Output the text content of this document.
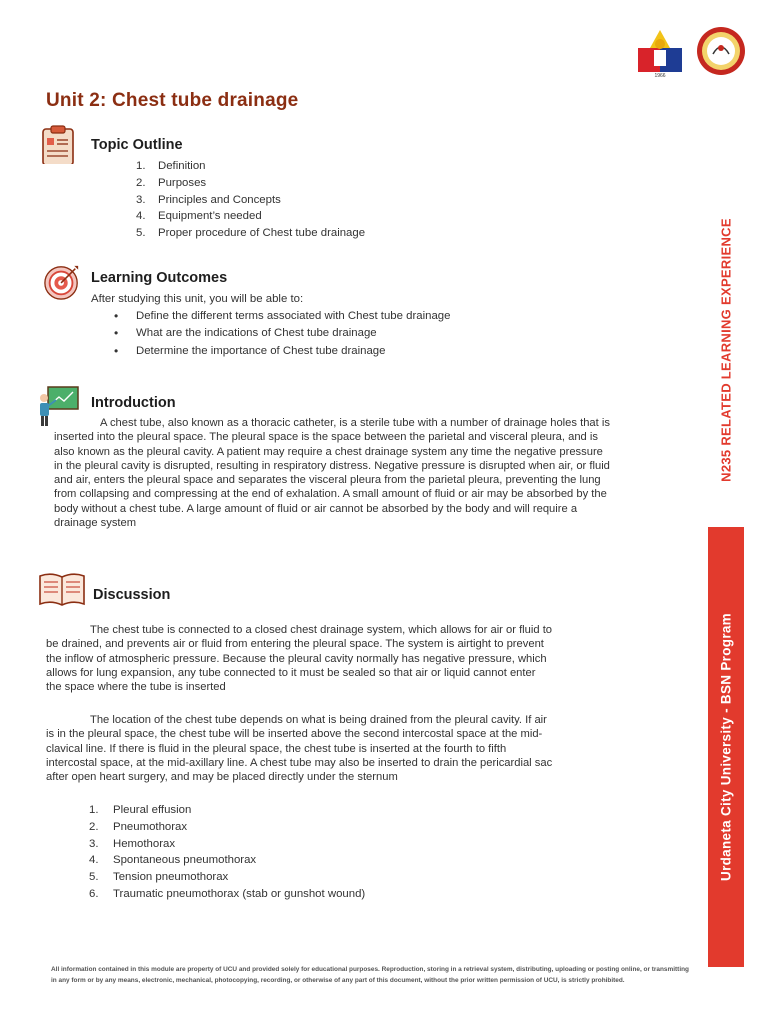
1966
Unit 2: Chest tube drainage
Topic Outline
1.	Definition
2.	Purposes
3.	Principles and Concepts
4.	Equipment’s needed
5.	Proper procedure of Chest tube drainage
Learning Outcomes
After studying this unit, you will be able to:
•	Define the different terms associated with Chest tube drainage
•	What are the indications of Chest tube drainage
•	Determine the importance of Chest tube drainage
Introduction
A chest tube, also known as a thoracic catheter, is a sterile tube with a number of drainage holes that is
inserted into the pleural space. The pleural space is the space between the parietal and visceral pleura, and is
also known as the pleural cavity. A patient may require a chest drainage system any time the negative pressure
in the pleural cavity is disrupted, resulting in respiratory distress. Negative pressure is disrupted when air, or fluid
and air, enters the pleural space and separates the visceral pleura from the parietal pleura, preventing the lung
from collapsing and compressing at the end of exhalation. A small amount of fluid or air may be absorbed by the
body without a chest tube. A large amount of fluid or air cannot be absorbed by the body and will require a
drainage system
Discussion
The chest tube is connected to a closed chest drainage system, which allows for air or fluid to
be drained, and prevents air or fluid from entering the pleural space. The system is airtight to prevent
the inflow of atmospheric pressure. Because the pleural cavity normally has negative pressure, which
allows for lung expansion, any tube connected to it must be sealed so that air or liquid cannot enter
the space where the tube is inserted
The location of the chest tube depends on what is being drained from the pleural cavity. If air
is in the pleural space, the chest tube will be inserted above the second intercostal space at the mid-
clavical line. If there is fluid in the pleural space, the chest tube is inserted at the fourth to fifth
intercostal space, at the mid-axillary line. A chest tube may also be inserted to drain the pericardial sac
after open heart surgery, and may be placed directly under the sternum
1.	Pleural effusion
2.	Pneumothorax
3.	Hemothorax
4.	Spontaneous pneumothorax
5.	Tension pneumothorax
6.	Traumatic pneumothorax (stab or gunshot wound)
N235 RELATED LEARNING EXPERIENCE
Urdaneta City University - BSN Program
All information contained in this module are property of UCU and provided solely for educational purposes. Reproduction, storing in a retrieval system, distributing, uploading or posting online, or transmitting
in any form or by any means, electronic, mechanical, photocopying, recording, or otherwise of any part of this document, without the prior written permission of UCU, is strictly prohibited.
